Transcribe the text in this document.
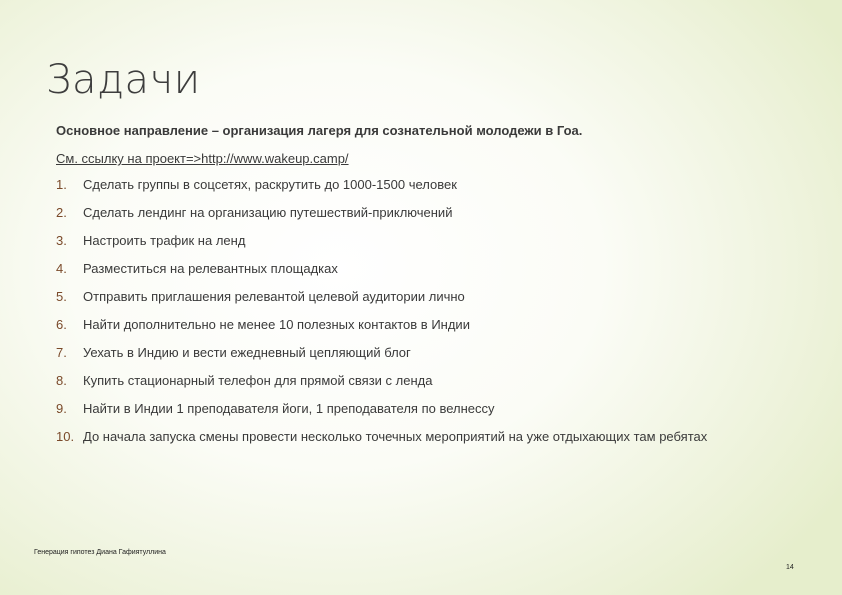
Задачи

Основное направление – организация лагеря для сознательной молодежи в Гоа.

См. ссылку на проект=>http://www.wakeup.camp/
1. Сделать группы в соцсетях, раскрутить до 1000-1500 человек
2. Сделать лендинг на организацию путешествий-приключений
3. Настроить трафик на ленд
4. Разместиться на релевантных площадках
5. Отправить приглашения релевантой целевой аудитории лично
6. Найти дополнительно не менее 10 полезных контактов в Индии
7. Уехать в Индию и вести ежедневный цепляющий блог
8. Купить стационарный телефон для прямой связи с ленда
9. Найти в Индии 1 преподавателя йоги, 1 преподавателя по велнессу
10. До начала запуска смены провести несколько точечных мероприятий на уже отдыхающих там ребятах
Генерация гипотез Диана Гафиятуллина
14
